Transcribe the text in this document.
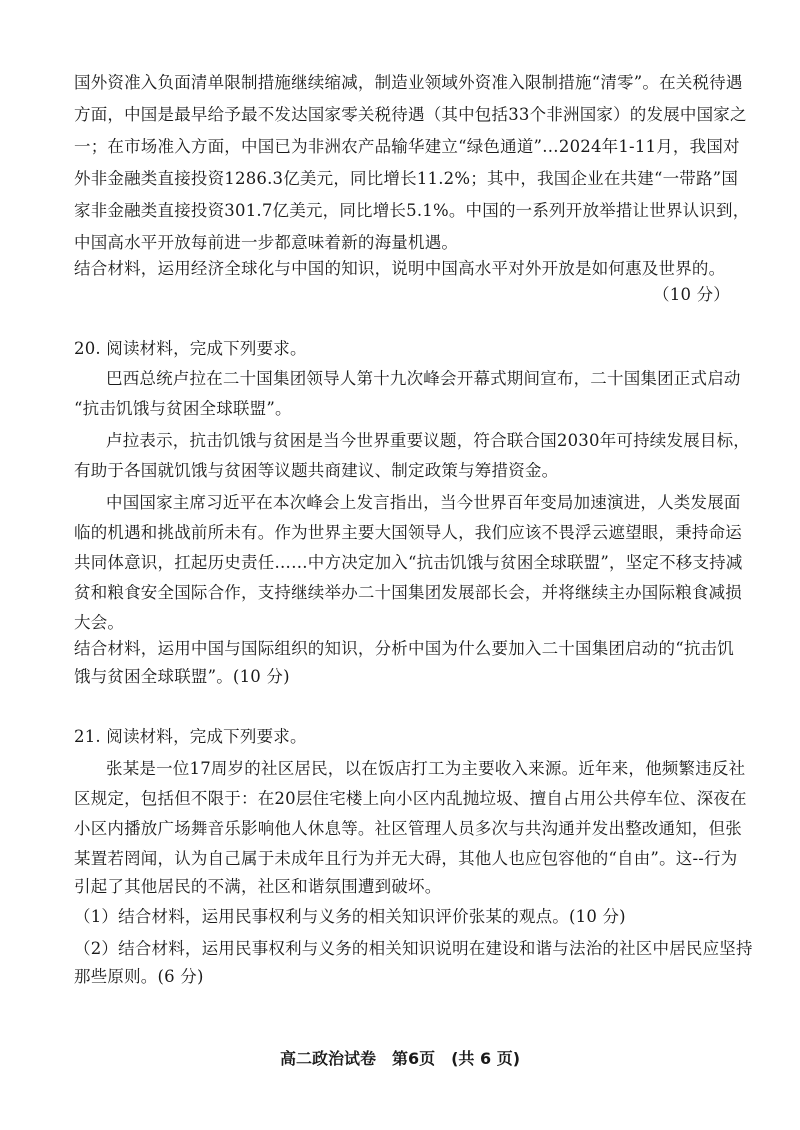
国外资准入负面清单限制措施继续缩减，制造业领域外资准入限制措施“清零”。在关税待遇
方面，中国是最早给予最不发达国家零关税待遇（其中包括33个非洲国家）的发展中国家之
一；在市场准入方面，中国已为非洲农产品输华建立“绿色通道”…2024年1-11月，我国对
外非金融类直接投资1286.3亿美元，同比增长11.2%；其中，我国企业在共建“一带路”国
家非金融类直接投资301.7亿美元，同比增长5.1%。中国的一系列开放举措让世界认识到，
中国高水平开放每前进一步都意味着新的海量机遇。
结合材料，运用经济全球化与中国的知识，说明中国高水平对外开放是如何惠及世界的。
（10 分）
20. 阅读材料，完成下列要求。
巴西总统卢拉在二十国集团领导人第十九次峰会开幕式期间宣布，二十国集团正式启动
“抗击饥饿与贫困全球联盟”。
卢拉表示，抗击饥饿与贫困是当今世界重要议题，符合联合国2030年可持续发展目标，
有助于各国就饥饿与贫困等议题共商建议、制定政策与筹措资金。
中国国家主席习近平在本次峰会上发言指出，当今世界百年变局加速演进，人类发展面
临的机遇和挑战前所未有。作为世界主要大国领导人，我们应该不畏浮云遮望眼，秉持命运
共同体意识，扛起历史责任……中方决定加入“抗击饥饿与贫困全球联盟”，坚定不移支持减
贫和粮食安全国际合作，支持继续举办二十国集团发展部长会，并将继续主办国际粮食减损
大会。
结合材料，运用中国与国际组织的知识，分析中国为什么要加入二十国集团启动的“抗击饥
饿与贫困全球联盟”。(10 分)
21. 阅读材料，完成下列要求。
张某是一位17周岁的社区居民，以在饭店打工为主要收入来源。近年来，他频繁违反社
区规定，包括但不限于：在20层住宅楼上向小区内乱抛垃圾、擅自占用公共停车位、深夜在
小区内播放广场舞音乐影响他人休息等。社区管理人员多次与共沟通并发出整改通知，但张
某置若罔闻，认为自己属于未成年且行为并无大碍，其他人也应包容他的“自由”。这--行为
引起了其他居民的不满，社区和谐氛围遭到破坏。
（1）结合材料，运用民事权利与义务的相关知识评价张某的观点。(10 分)
（2）结合材料，运用民事权利与义务的相关知识说明在建设和谐与法治的社区中居民应坚持
那些原则。(6 分)
高二政治试卷　第6页　(共 6 页)
